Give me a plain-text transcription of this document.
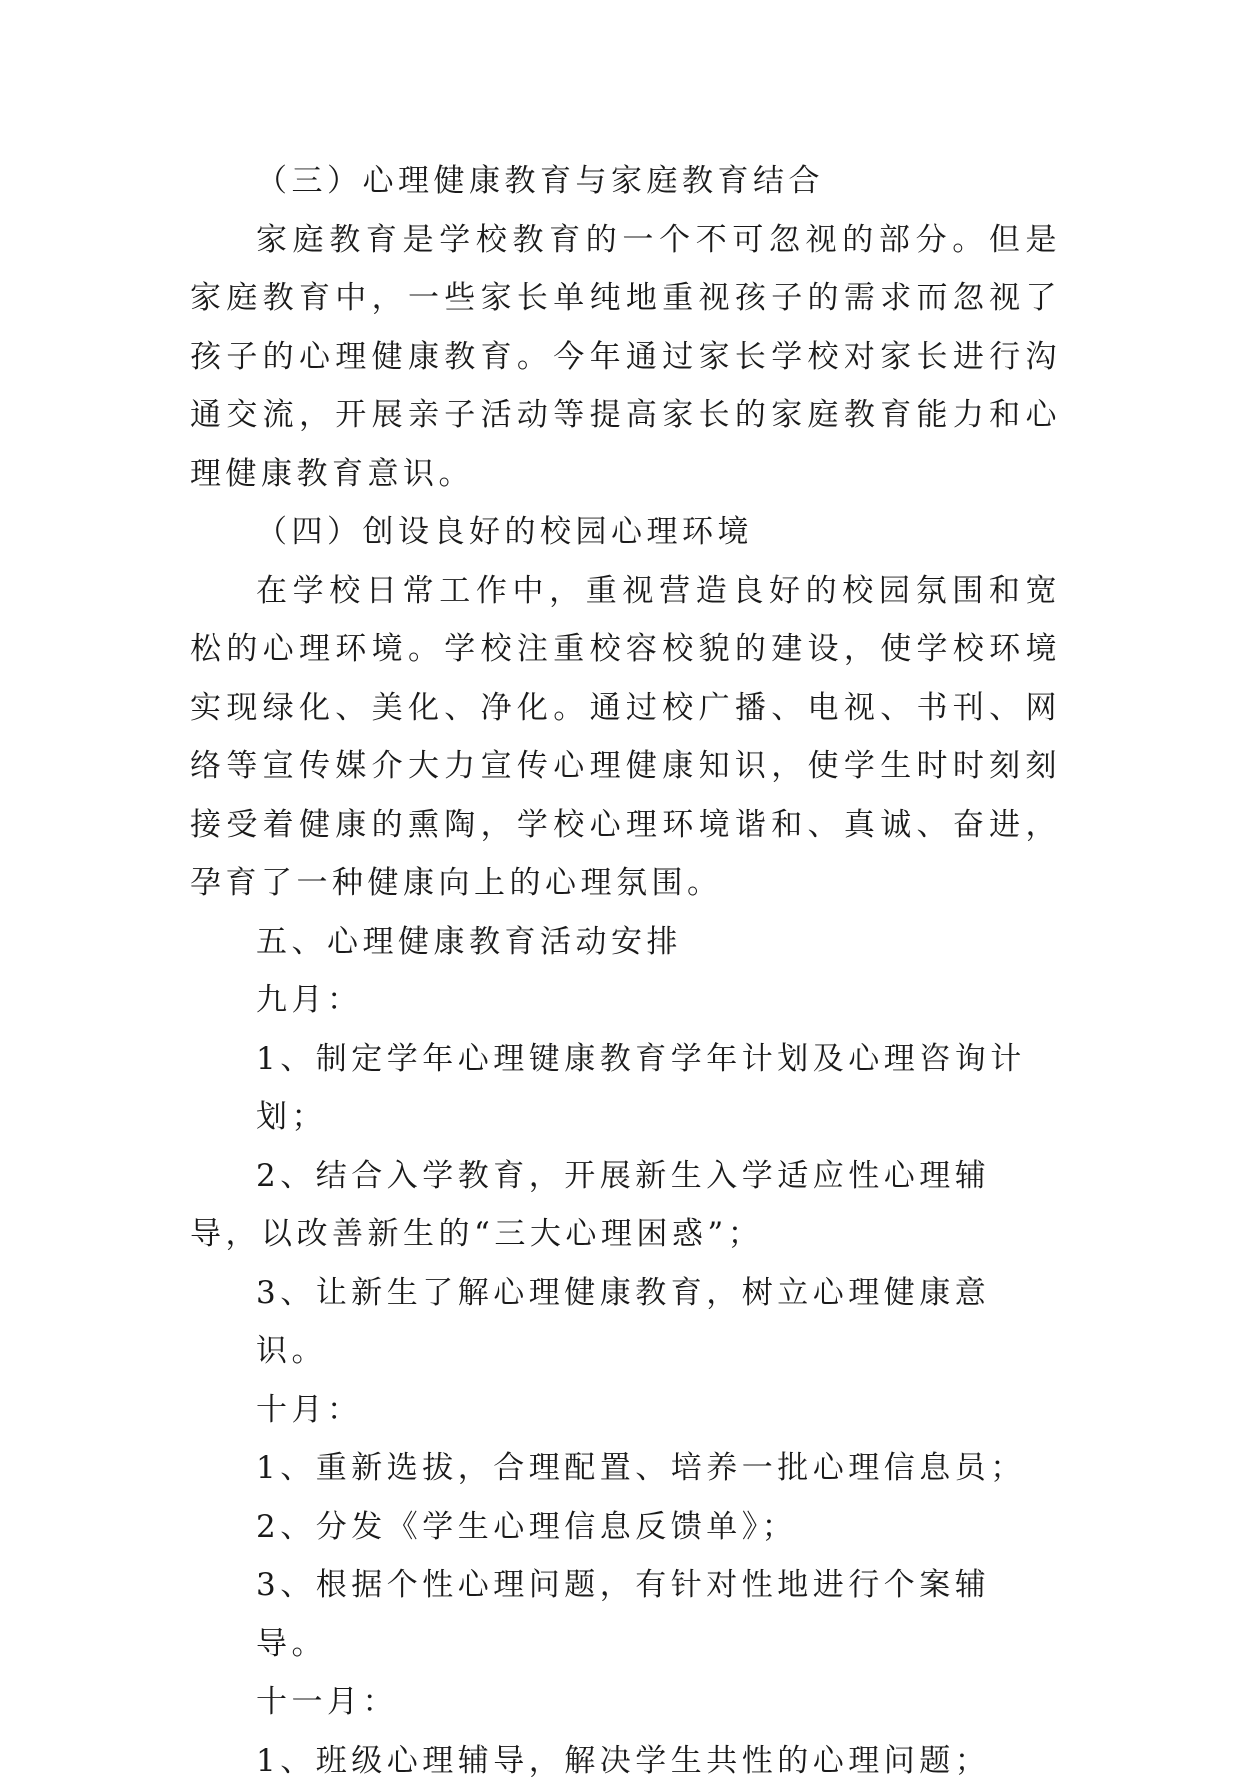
（三）心理健康教育与家庭教育结合

家庭教育是学校教育的一个不可忽视的部分。但是家庭教育中，一些家长单纯地重视孩子的需求而忽视了孩子的心理健康教育。今年通过家长学校对家长进行沟通交流，开展亲子活动等提高家长的家庭教育能力和心理健康教育意识。

（四）创设良好的校园心理环境

在学校日常工作中，重视营造良好的校园氛围和宽松的心理环境。学校注重校容校貌的建设，使学校环境实现绿化、美化、净化。通过校广播、电视、书刊、网络等宣传媒介大力宣传心理健康知识，使学生时时刻刻接受着健康的熏陶，学校心理环境谐和、真诚、奋进，孕育了一种健康向上的心理氛围。

五、心理健康教育活动安排

九月：

1、制定学年心理键康教育学年计划及心理咨询计划；

2、结合入学教育，开展新生入学适应性心理辅导，以改善新生的“三大心理困惑”；

3、让新生了解心理健康教育，树立心理健康意识。

十月：

1、重新选拔，合理配置、培养一批心理信息员；

2、分发《学生心理信息反馈单》；

3、根据个性心理问题，有针对性地进行个案辅导。

十一月：

1、班级心理辅导，解决学生共性的心理问题；
